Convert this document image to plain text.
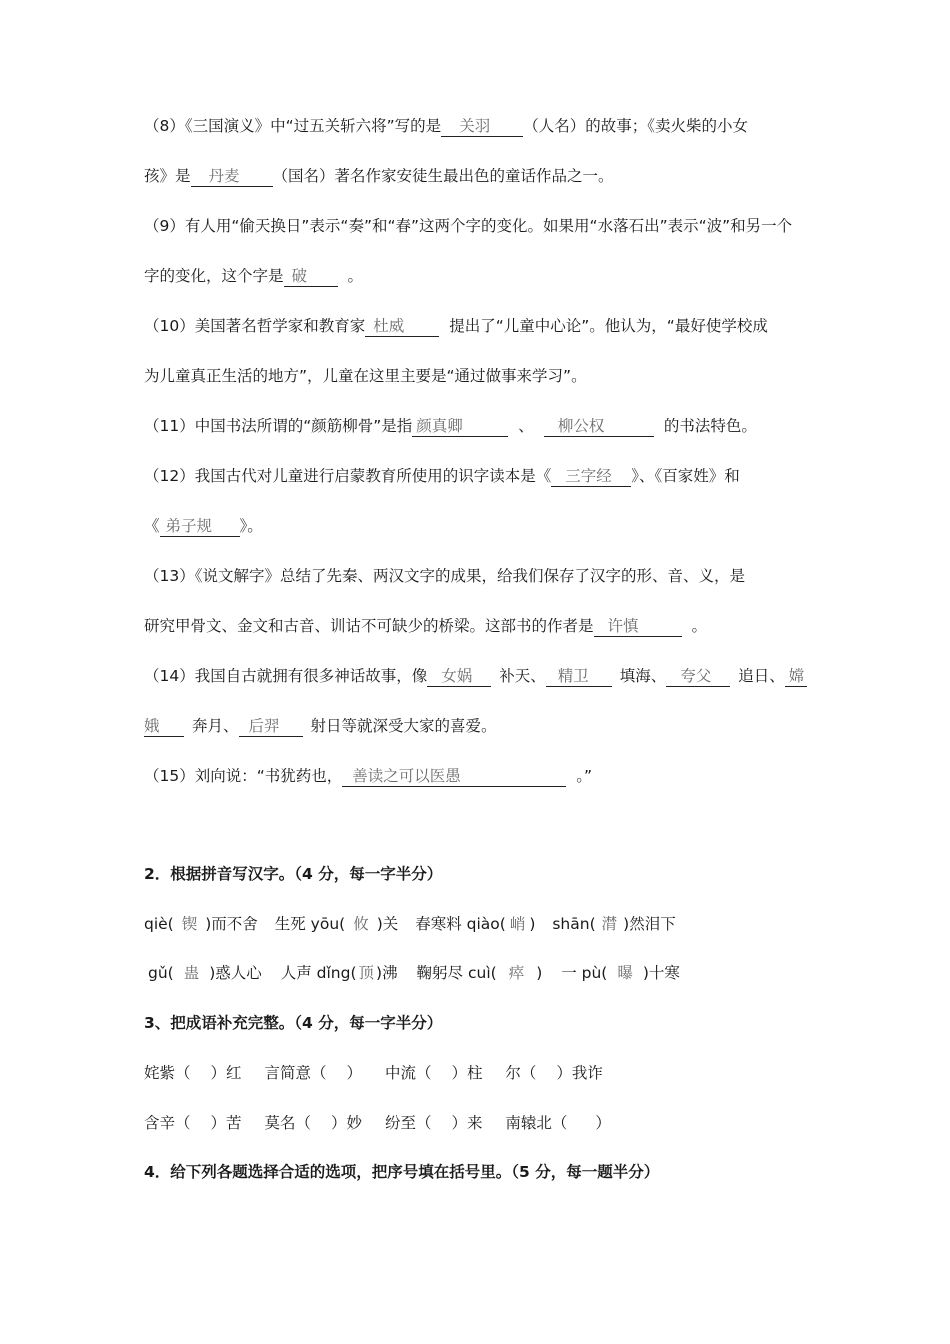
（8）《三国演义》中“过五关斩六将”写的是 关羽 （人名）的故事；《卖火柴的小女
孩》是 丹麦 （国名）著名作家安徒生最出色的童话作品之一。
（9）有人用“偷天换日”表示“奏”和“春”这两个字的变化。如果用“水落石出”表示“波”和另一个
字的变化，这个字是 破	。
（10）美国著名哲学家和教育家 杜威	提出了“儿童中心论”。他认为，“最好使学校成
为儿童真正生活的地方”，儿童在这里主要是“通过做事来学习”。
（11）中国书法所谓的“颜筋柳骨”是指 颜真卿	、 柳公权	的书法特色。
（12）我国古代对儿童进行启蒙教育所使用的识字读本是《 三字经 》、《百家姓》和
《 弟子规 》。
（13）《说文解字》总结了先秦、两汉文字的成果，给我们保存了汉字的形、音、义，是
研究甲骨文、金文和古音、训诂不可缺少的桥梁。这部书的作者是 许慎	。
（14）我国自古就拥有很多神话故事，像 女娲 补天、 精卫 填海、 夸父 追日、 嫦
娥 奔月、 后羿 射日等就深受大家的喜爱。
（15）刘向说：“书犹药也， 善读之可以医愚	。”
2．根据拼音写汉字。（4 分，每一字半分）
qiè( 锲 )而不舍 生死 yōu( 攸 )关 春寒料 qiào( 峭 ) shān( 潸 )然泪下
gǔ( 蛊 )惑人心 人声 dǐng( 顶 )沸 鞠躬尽 cuì( 瘁 ) 一 pù( 曝 )十寒
3、把成语补充完整。（4 分，每一字半分）
姹紫（ ）红 言简意（ ） 中流（ ）柱 尔（ ）我诈
含辛（ ）苦 莫名（ ）妙 纷至（ ）来 南辕北（ ）
4．给下列各题选择合适的选项，把序号填在括号里。（5 分，每一题半分）
